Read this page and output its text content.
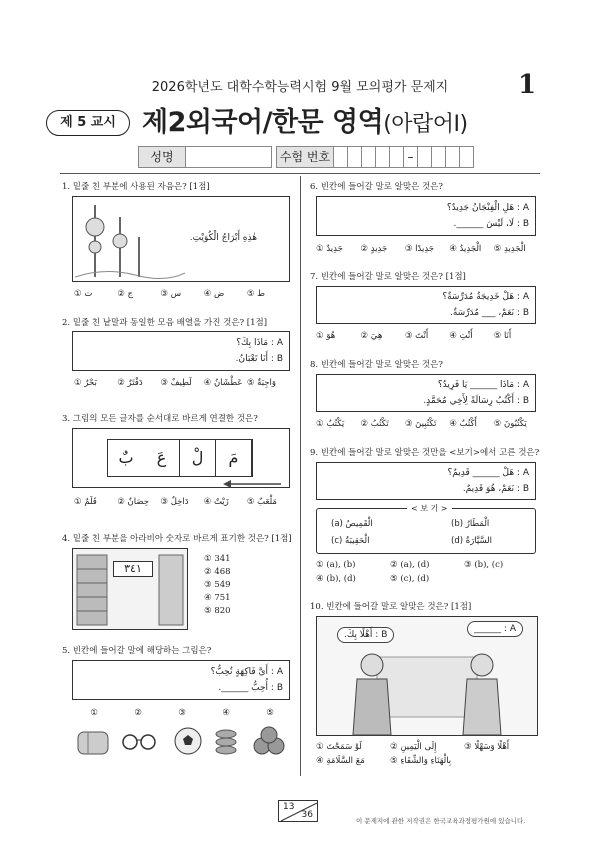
2026학년도 대학수학능력시험 9월 모의평가 문제지	1
제 5 교시 제2외국어/한문 영역(아랍어Ⅰ)
성명	수험 번호	–
1. 밑줄 친 부분에 사용된 자음은? [1점]
هٰذِهِ أَبْرَاجُ الْكُوَيْتِ.
① ت	② ج	③ س	④ ض	⑤ ط
2. 밑줄 친 낱말과 동일한 모음 배열을 가진 것은? [1점]
A : مَاذَا بِكَ؟
B : أَنَا تَعْبَانُ.
① بَحْرٌ	② دَفْتَرٌ	③ لَطِيفٌ	④ عَطْشَانُ ⑤ وَاجِبَةٌ
3. 그림의 모든 글자를 순서대로 바르게 연결한 것은?
مَ
لْ
عَ
بٌ
① قَلَمٌ	② حِصَانٌ	③ دَاخِلٌ	④ زَيْتٌ	⑤ مَلْعَبٌ
4. 밑줄 친 부분을 아라비아 숫자로 바르게 표기한 것은? [1점]
٣٤١
① 341
② 468
③ 549
④ 751
⑤ 820
5. 빈칸에 들어갈 말에 해당하는 그림은?
A : أَيَّ فَاكِهَةٍ تُحِبُّ؟
B : أُحِبُّ ______.
①	②	③	④	⑤
6. 빈칸에 들어갈 말로 알맞은 것은?
A : هَلِ الْفِنْجَانُ جَدِيدٌ؟
B : لَا، لَيْسَ ______.
① جَدِيدٌ	② جَدِيدٍ	③ جَدِيدًا	④ الْجَدِيدُ	⑤ الْجَدِيدِ
7. 빈칸에 들어갈 말로 알맞은 것은? [1점]
A : هَلْ خَدِيجَةُ مُدَرِّسَةٌ؟
B : نَعَمْ، ___ مُدَرِّسَةٌ.
① هُوَ	② هِيَ	③ أَنْتَ	④ أَنْتِ	⑤ أَنَا
8. 빈칸에 들어갈 말로 알맞은 것은?
A : مَاذَا ______ يَا فَرِيدُ؟
B : أَكْتُبُ رِسَالَةً لِأَخِي مُحَمَّدٍ.
① يَكْتُبُ	② تَكْتُبُ	③ تَكْتُبِينَ	④ أَكْتُبُ	⑤ يَكْتُبُونَ
9. 빈칸에 들어갈 말로 알맞은 것만을 <보기>에서 고른 것은?
A : هَلْ ______ قَدِيمٌ؟
B : نَعَمْ، هُوَ قَدِيمٌ.
< 보 기 >
(a) الْقَمِيصُ	(b) الْمَطَارُ
(c) الْحَقِيبَةُ	(d) السَّيَّارَةُ
① (a), (b)	② (a), (d)	③ (b), (c)
④ (b), (d)	⑤ (c), (d)
10. 빈칸에 들어갈 말로 알맞은 것은? [1점]
B : أَهْلًا بِكَ.
A : ______
① لَوْ سَمَحْتَ	② إِلَى الْيَمِينِ	③ أَهْلًا وَسَهْلًا
④ مَعَ السَّلَامَةِ	⑤ بِالْهَنَاءِ وَالشِّفَاءِ
13
36
이 문제지에 관한 저작권은 한국교육과정평가원에 있습니다.
